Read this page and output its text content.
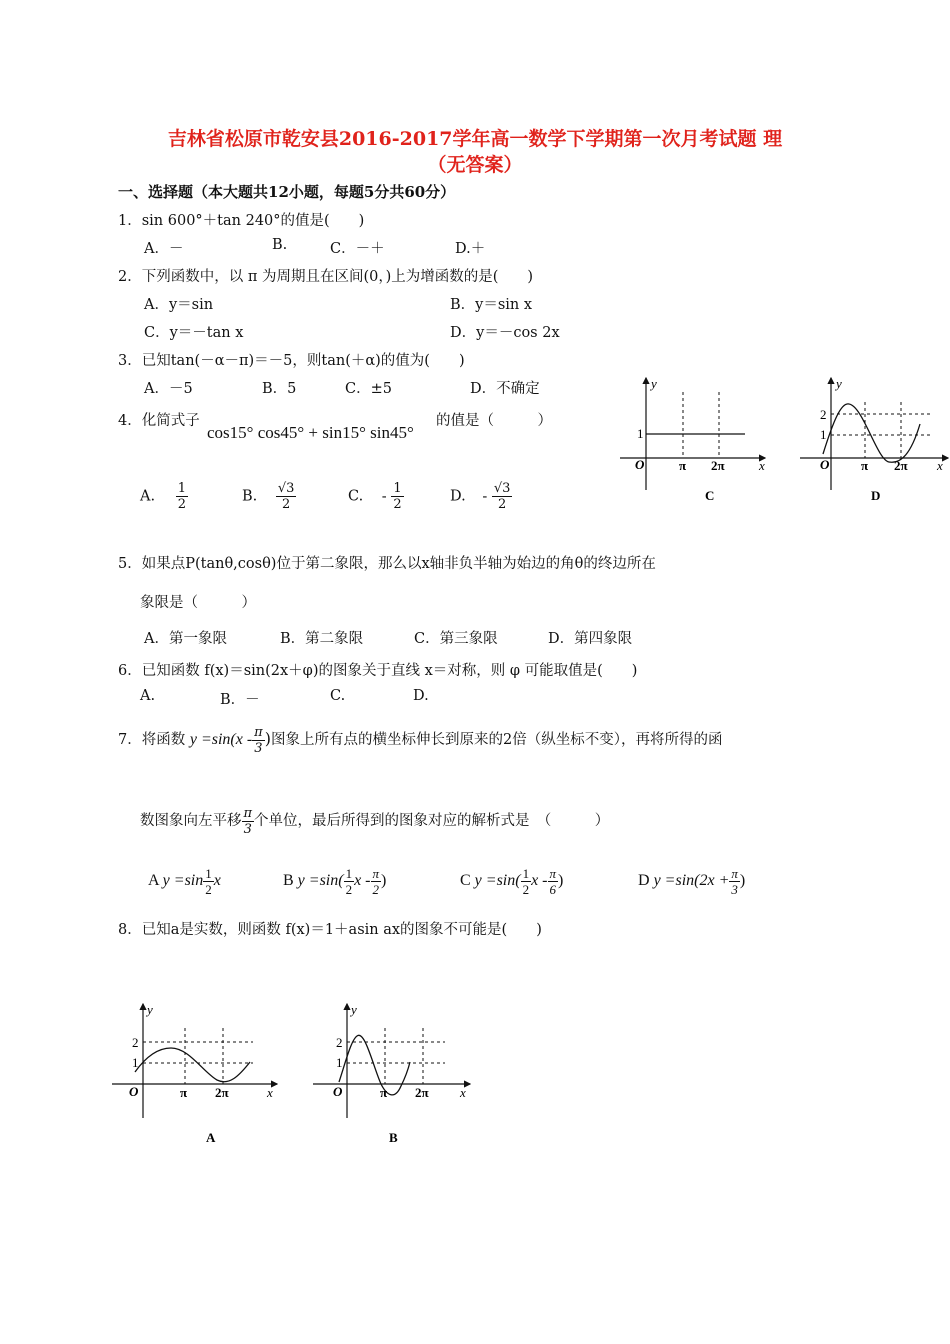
吉林省松原市乾安县2016-2017学年高一数学下学期第一次月考试题 理
（无答案）
一、选择题（本大题共12小题，每题5分共60分）
1．sin 600°＋tan 240°的值是(　　)
A．－	B.	C．－＋	D.＋
2．下列函数中，以 π 为周期且在区间(0，)上为增函数的是(　　)
A．y＝sin	B．y＝sin x
C．y＝－tan x	D．y＝－cos 2x
3．已知tan(－α－π)＝－5，则tan(＋α)的值为(　　)
A．－5	B．5	C．±5	D．不确定
4．化简式子
cos15° cos45° + sin15° sin45°
的值是（　　　）
A. $\frac{1}{2}$	B. $\frac{√3}{2}$	C. - $\frac{1}{2}$	D. - $\frac{√3}{2}$
y
1
O	π 2π	x
C
y
2
1
O π 2π x
D
5．如果点P(tanθ,cosθ)位于第二象限，那么以x轴非负半轴为始边的角θ的终边所在
象限是（　　　）
A．第一象限	B．第二象限	C．第三象限	D．第四象限
6．已知函数 f(x)＝sin(2x＋φ)的图象关于直线 x＝对称，则 φ 可能取值是(　　)
A.	B．－	C.	D.
7．将函数 $y =\sin(x - \frac{\pi}{3}$ )图象上所有点的横坐标伸长到原来的2倍（纵坐标不变），再将所得的函
数图象向左平移 $\frac{\pi}{3}$ 个单位，最后所得到的图象对应的解析式是　（　　　）
A $y =\sin \frac{1}{2}$ x	B $y =\sin( \frac{1}{2}$ x - $\frac{\pi}{2}$ )	C $y =\sin( \frac{1}{2}$ x - $\frac{\pi}{6}$ )	D $y =\sin(2x + \frac{\pi}{3}$ )
8．已知a是实数，则函数 f(x)＝1＋asin ax的图象不可能是(　　)
y
2
1
O	π 2π	x
A
y
2
1
O	π 2π x
B
